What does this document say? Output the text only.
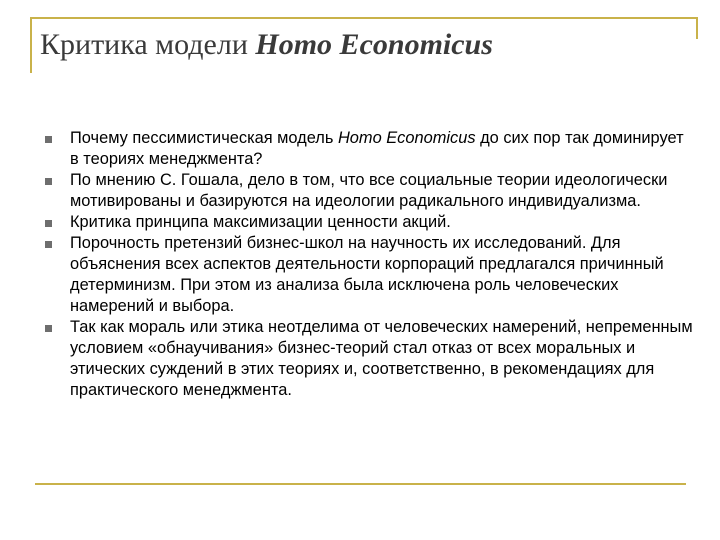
Критика модели Homo Economicus
Почему пессимистическая модель Homo Economicus до сих пор так доминирует в теориях менеджмента?
По мнению С. Гошала, дело в том, что все социальные теории идеологически мотивированы и базируются на идеологии радикального индивидуализма.
Критика принципа максимизации ценности акций.
Порочность претензий бизнес-школ на научность их исследований. Для объяснения всех аспектов деятельности корпораций предлагался причинный детерминизм. При этом из анализа была исключена роль человеческих намерений и выбора.
Так как мораль или этика неотделима от человеческих намерений, непременным условием «обнаучивания» бизнес-теорий стал отказ от всех моральных и этических суждений в этих теориях и, соответственно, в рекомендациях для практического менеджмента.
